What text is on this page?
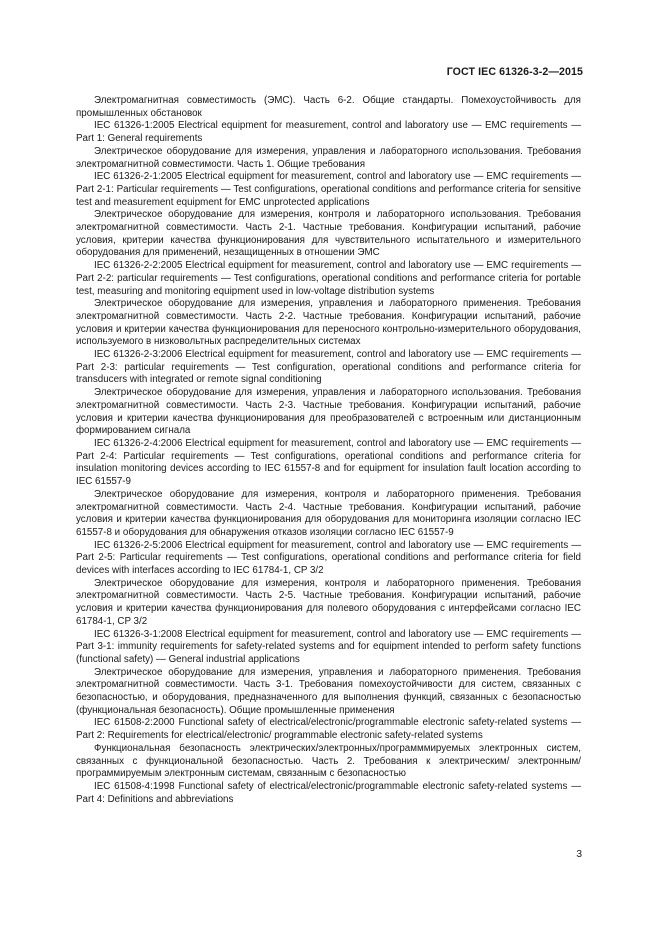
ГОСТ IEC 61326-3-2—2015

Электромагнитная совместимость (ЭМС). Часть 6-2. Общие стандарты. Помехоустойчивость для промышленных обстановок

IEC 61326-1:2005 Electrical equipment for measurement, control and laboratory use — EMC requirements — Part 1: General requirements

Электрическое оборудование для измерения, управления и лабораторного использования. Требования электромагнитной совместимости. Часть 1. Общие требования

IEC 61326-2-1:2005 Electrical equipment for measurement, control and laboratory use — EMC requirements — Part 2-1: Particular requirements — Test configurations, operational conditions and performance criteria for sensitive test and measurement equipment for EMC unprotected applications

Электрическое оборудование для измерения, контроля и лабораторного использования. Требования электромагнитной совместимости. Часть 2-1. Частные требования. Конфигурации испытаний, рабочие условия, критерии качества функционирования для чувствительного испытательного и измерительного оборудования для применений, незащищенных в отношении ЭМС

IEC 61326-2-2:2005 Electrical equipment for measurement, control and laboratory use — EMC requirements — Part 2-2: particular requirements — Test configurations, operational conditions and performance criteria for portable test, measuring and monitoring equipment used in low-voltage distribution systems

Электрическое оборудование для измерения, управления и лабораторного применения. Требования электромагнитной совместимости. Часть 2-2. Частные требования. Конфигурации испытаний, рабочие условия и критерии качества функционирования для переносного контрольно-измерительного оборудования, используемого в низковольтных распределительных системах

IEC 61326-2-3:2006 Electrical equipment for measurement, control and laboratory use — EMC requirements — Part 2-3: particular requirements — Test configuration, operational conditions and performance criteria for transducers with integrated or remote signal conditioning

Электрическое оборудование для измерения, управления и лабораторного использования. Требования электромагнитной совместимости. Часть 2-3. Частные требования. Конфигурации испытаний, рабочие условия и критерии качества функционирования для преобразователей с встроенным или дистанционным формированием сигнала

IEC 61326-2-4:2006 Electrical equipment for measurement, control and laboratory use — EMC requirements — Part 2-4: Particular requirements — Test configurations, operational conditions and performance criteria for insulation monitoring devices according to IEC 61557-8 and for equipment for insulation fault location according to IEC 61557-9

Электрическое оборудование для измерения, контроля и лабораторного применения. Требования электромагнитной совместимости. Часть 2-4. Частные требования. Конфигурации испытаний, рабочие условия и критерии качества функционирования для оборудования для мониторинга изоляции согласно IEC 61557-8 и оборудования для обнаружения отказов изоляции согласно IEC 61557-9

IEC 61326-2-5:2006 Electrical equipment for measurement, control and laboratory use — EMC requirements — Part 2-5: Particular requirements — Test configurations, operational conditions and performance criteria for field devices with interfaces according to IEC 61784-1, CP 3/2

Электрическое оборудование для измерения, контроля и лабораторного применения. Требования электромагнитной совместимости. Часть 2-5. Частные требования. Конфигурации испытаний, рабочие условия и критерии качества функционирования для полевого оборудования с интерфейсами согласно IEC 61784-1, CP 3/2

IEC 61326-3-1:2008 Electrical equipment for measurement, control and laboratory use — EMC requirements — Part 3-1: immunity requirements for safety-related systems and for equipment intended to perform safety functions (functional safety) — General industrial applications

Электрическое оборудование для измерения, управления и лабораторного применения. Требования электромагнитной совместимости. Часть 3-1. Требования помехоустойчивости для систем, связанных с безопасностью, и оборудования, предназначенного для выполнения функций, связанных с безопасностью (функциональная безопасность). Общие промышленные применения

IEC 61508-2:2000 Functional safety of electrical/electronic/programmable electronic safety-related systems — Part 2: Requirements for electrical/electronic/ programmable electronic safety-related systems

Функциональная безопасность электрических/электронных/программмируемых электронных систем, связанных с функциональной безопасностью. Часть 2. Требования к электрическим/ электронным/программируемым электронным системам, связанным с безопасностью

IEC 61508-4:1998 Functional safety of electrical/electronic/programmable electronic safety-related systems — Part 4: Definitions and abbreviations

3
